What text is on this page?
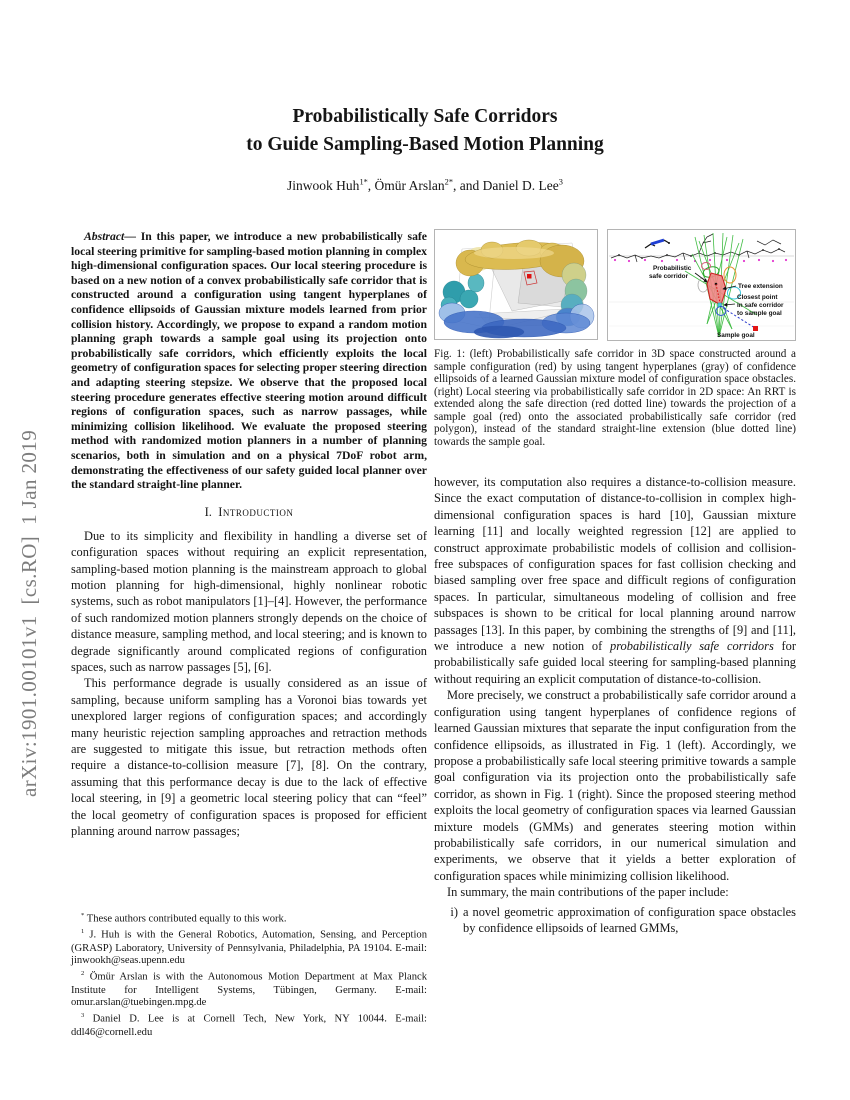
arXiv:1901.00101v1 [cs.RO] 1 Jan 2019
Probabilistically Safe Corridors
to Guide Sampling-Based Motion Planning
Jinwook Huh$^{1*}$, Ömür Arslan$^{2*}$, and Daniel D. Lee$^3$

Abstract— In this paper, we introduce a new probabilistically safe local steering primitive for sampling-based motion planning in complex high-dimensional configuration spaces. Our local steering procedure is based on a new notion of a convex probabilistically safe corridor that is constructed around a configuration using tangent hyperplanes of confidence ellipsoids of Gaussian mixture models learned from prior collision history. Accordingly, we propose to expand a random motion planning graph towards a sample goal using its projection onto probabilistically safe corridors, which efficiently exploits the local geometry of configuration spaces for selecting proper steering direction and adapting steering stepsize. We observe that the proposed local steering procedure generates effective steering motion around difficult regions of configuration spaces, such as narrow passages, while minimizing collision likelihood. We evaluate the proposed steering method with randomized motion planners in a number of planning scenarios, both in simulation and on a physical 7DoF robot arm, demonstrating the effectiveness of our safety guided local planner over the standard straight-line planner.

I. Introduction

Due to its simplicity and flexibility in handling a diverse set of configuration spaces without requiring an explicit representation, sampling-based motion planning is the mainstream approach to global motion planning for high-dimensional, highly nonlinear robotic systems, such as robot manipulators [1]–[4]. However, the performance of such randomized motion planners strongly depends on the choice of distance measure, sampling method, and local steering; and is known to degrade significantly around complicated regions of configuration spaces, such as narrow passages [5], [6].

This performance degrade is usually considered as an issue of sampling, because uniform sampling has a Voronoi bias towards yet unexplored larger regions of configuration spaces; and accordingly many heuristic rejection sampling approaches and retraction methods are suggested to mitigate this issue, but retraction methods often require a distance-to-collision measure [7], [8]. On the contrary, assuming that this performance decay is due to the lack of effective local steering, in [9] a geometric local steering policy that can “feel” the local geometry of configuration spaces is proposed for efficient planning around narrow passages;

* These authors contributed equally to this work.

$^1$ J. Huh is with the General Robotics, Automation, Sensing, and Perception (GRASP) Laboratory, University of Pennsylvania, Philadelphia, PA 19104. E-mail: jinwookh@seas.upenn.edu

$^2$ Ömür Arslan is with the Autonomous Motion Department at Max Planck Institute for Intelligent Systems, Tübingen, Germany. E-mail: omur.arslan@tuebingen.mpg.de

$^3$ Daniel D. Lee is at Cornell Tech, New York, NY 10044. E-mail: ddl46@cornell.edu

Probabilistic
safe corridor
Tree extension
Closest point
in safe corridor
to sample goal
Sample goal

Fig. 1: (left) Probabilistically safe corridor in 3D space constructed around a sample configuration (red) by using tangent hyperplanes (gray) of confidence ellipsoids of a learned Gaussian mixture model of configuration space obstacles. (right) Local steering via probabilistically safe corridor in 2D space: An RRT is extended along the safe direction (red dotted line) towards the projection of a sample goal (red) onto the associated probabilistically safe corridor (red polygon), instead of the standard straight-line extension (blue dotted line) towards the sample goal.

however, its computation also requires a distance-to-collision measure. Since the exact computation of distance-to-collision in complex high-dimensional configuration spaces is hard [10], Gaussian mixture learning [11] and locally weighted regression [12] are applied to construct approximate probabilistic models of collision and collision-free subspaces of configuration spaces for fast collision checking and biased sampling over free space and difficult regions of configuration spaces. In particular, simultaneous modeling of collision and free subspaces is shown to be critical for local planning around narrow passages [13]. In this paper, by combining the strengths of [9] and [11], we introduce a new notion of probabilistically safe corridors for probabilistically safe guided local steering for sampling-based planning without requiring an explicit computation of distance-to-collision.

More precisely, we construct a probabilistically safe corridor around a configuration using tangent hyperplanes of confidence regions of learned Gaussian mixtures that separate the input configuration from the confidence ellipsoids, as illustrated in Fig. 1 (left). Accordingly, we propose a probabilistically safe local steering primitive towards a sample goal configuration via its projection onto the probabilistically safe corridor, as shown in Fig. 1 (right). Since the proposed steering method exploits the local geometry of configuration spaces via learned Gaussian mixture models (GMMs) and generates steering motion within probabilistically safe corridors, in our numerical simulation and experiments, we observe that it yields a better exploration of configuration spaces while minimizing collision likelihood.

In summary, the main contributions of the paper include:

i) a novel geometric approximation of configuration space obstacles by confidence ellipsoids of learned GMMs,
